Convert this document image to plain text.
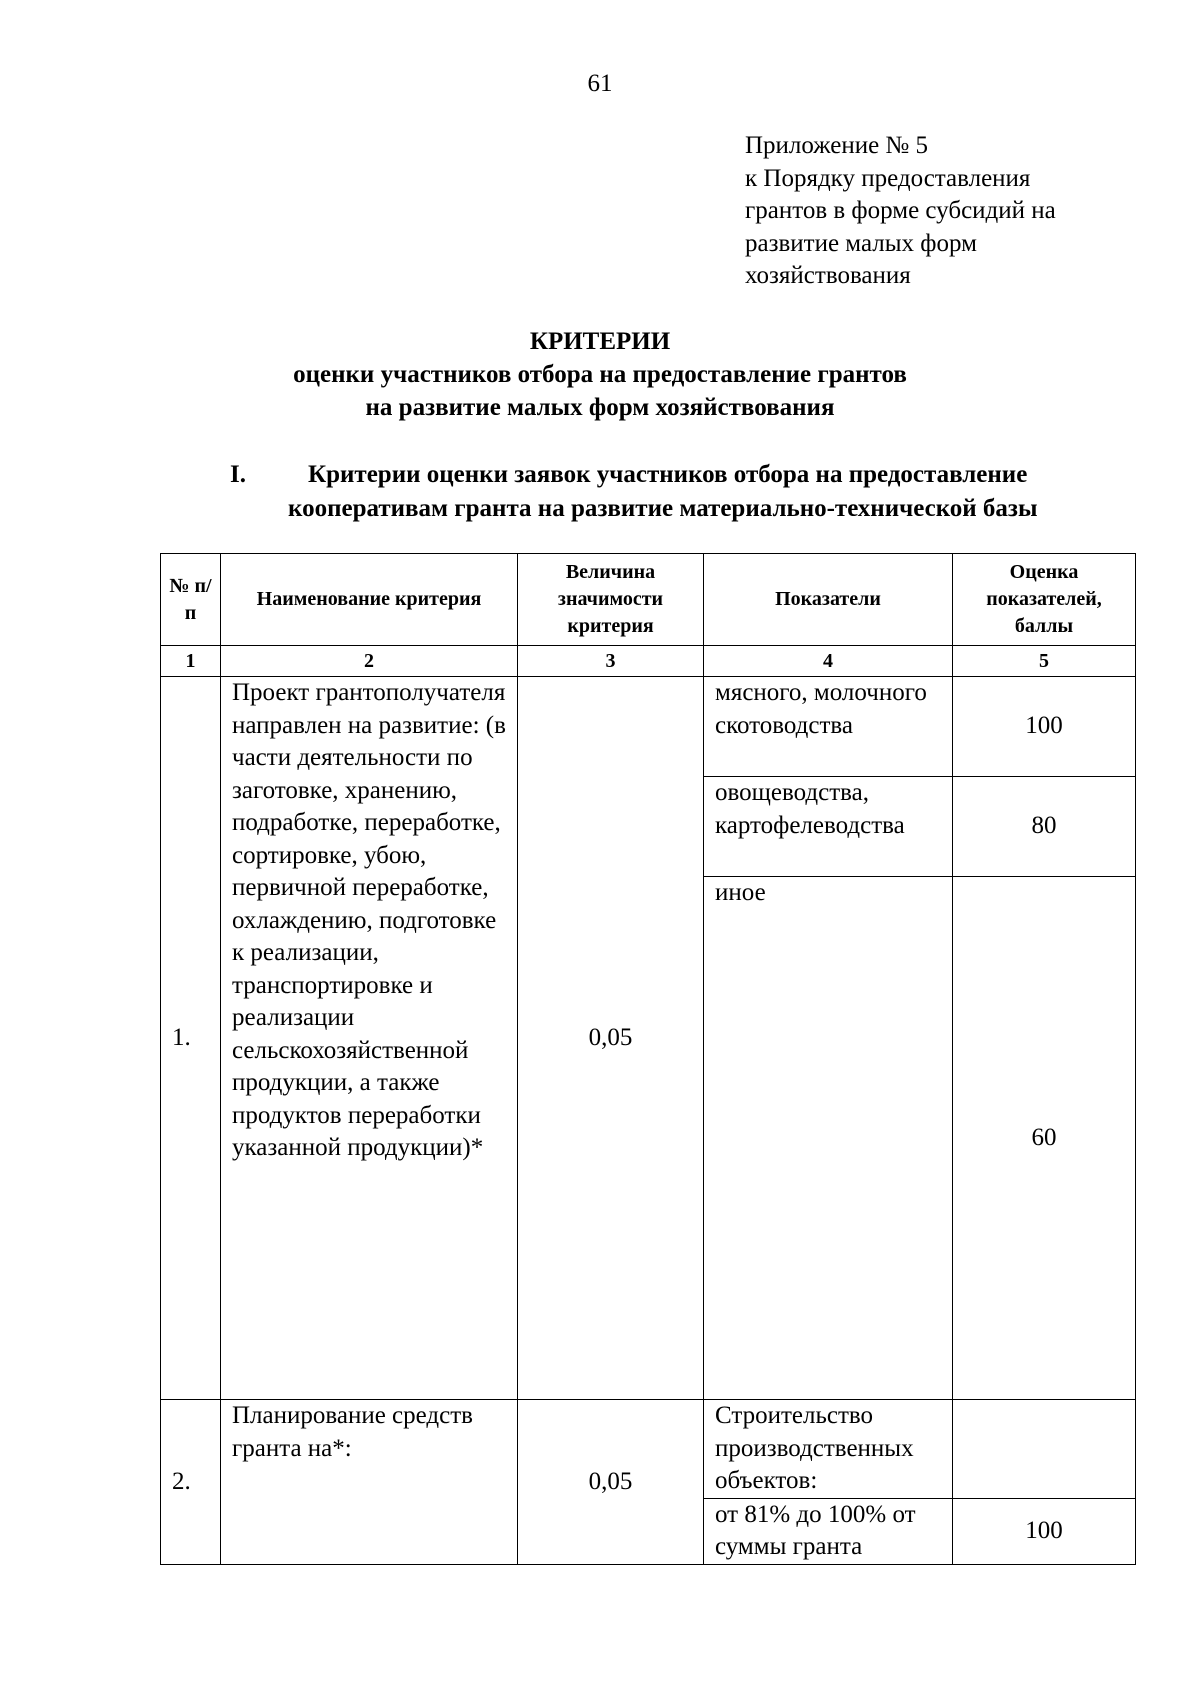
61
Приложение № 5
к Порядку предоставления
грантов в форме субсидий на
развитие малых форм
хозяйствования
КРИТЕРИИ
оценки участников отбора на предоставление грантов
на развитие малых форм хозяйствования
I. Критерии оценки заявок участников отбора на предоставление
кооперативам гранта на развитие материально-технической базы
№ п/п	Наименование критерия	Величина значимости критерия	Показатели	Оценка показателей, баллы
1	2	3	4	5
1.	Проект грантополучателя направлен на развитие: (в части деятельности по заготовке, хранению, подработке, переработке, сортировке, убою, первичной переработке, охлаждению, подготовке к реализации, транспортировке и реализации сельскохозяйственной продукции, а также продуктов переработки указанной продукции)*	0,05	мясного, молочного скотоводства	100
			овощеводства, картофелеводства	80
			иное	60
2.	Планирование средств гранта на*:	0,05	Строительство производственных объектов:	
			от 81% до 100% от суммы гранта	100
